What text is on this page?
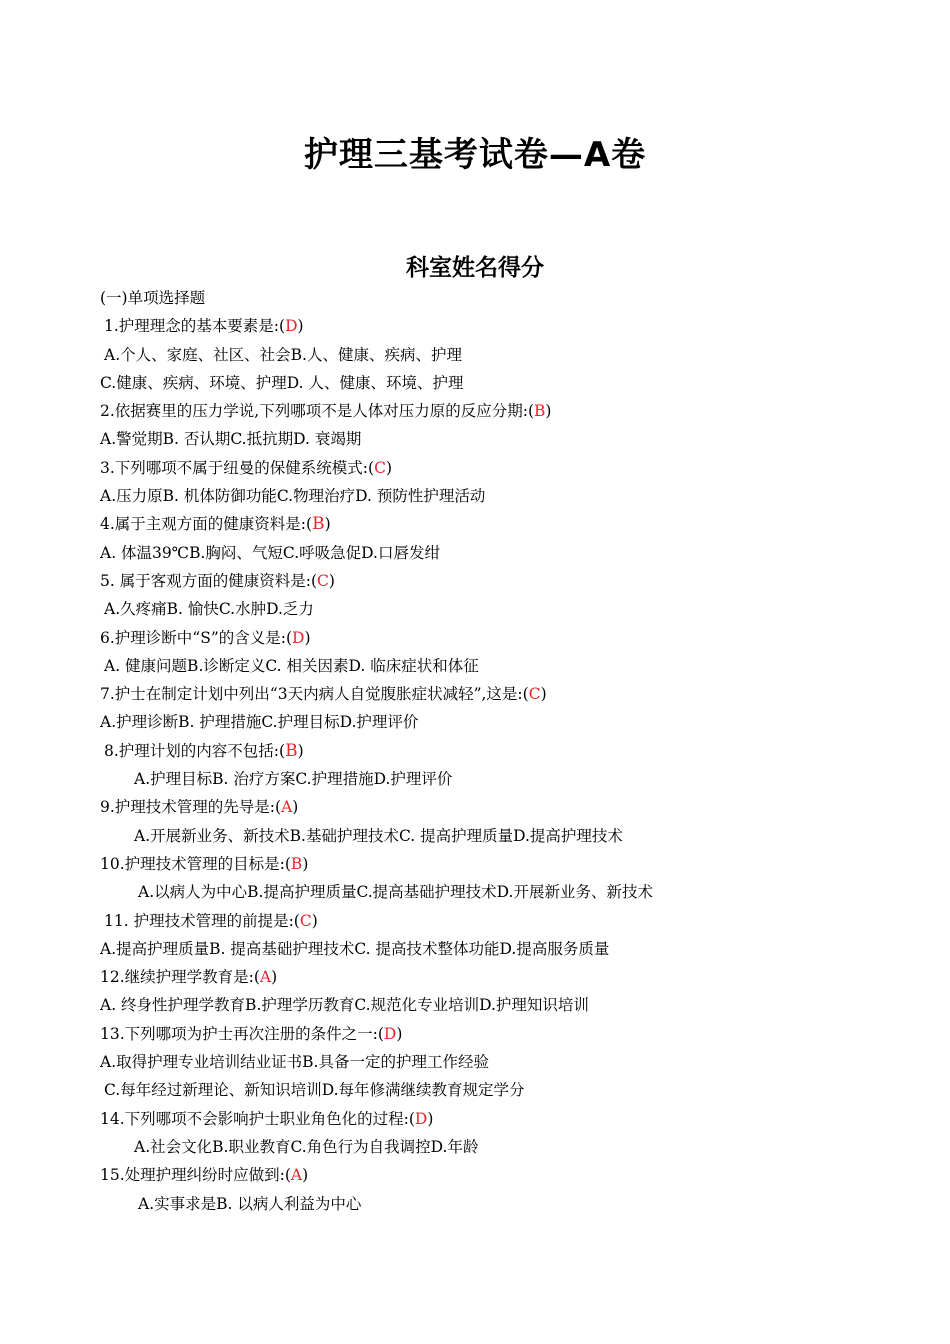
护理三基考试卷—A卷
科室姓名得分
(一)单项选择题
1.护理理念的基本要素是:(D)
A.个人、家庭、社区、社会B.人、健康、疾病、护理
C.健康、疾病、环境、护理D. 人、健康、环境、护理
2.依据赛里的压力学说,下列哪项不是人体对压力原的反应分期:(B)
A.警觉期B. 否认期C.抵抗期D. 衰竭期
3.下列哪项不属于纽曼的保健系统模式:(C)
A.压力原B. 机体防御功能C.物理治疗D. 预防性护理活动
4.属于主观方面的健康资料是:(B)
A. 体温39℃B.胸闷、气短C.呼吸急促D.口唇发绀
5. 属于客观方面的健康资料是:(C)
A.久疼痛B. 愉快C.水肿D.乏力
6.护理诊断中“S”的含义是:(D)
A. 健康问题B.诊断定义C. 相关因素D. 临床症状和体征
7.护士在制定计划中列出“3天内病人自觉腹胀症状减轻”,这是:(C)
A.护理诊断B. 护理措施C.护理目标D.护理评价
8.护理计划的内容不包括:(B)
A.护理目标B. 治疗方案C.护理措施D.护理评价
9.护理技术管理的先导是:(A)
A.开展新业务、新技术B.基础护理技术C. 提高护理质量D.提高护理技术
10.护理技术管理的目标是:(B)
A.以病人为中心B.提高护理质量C.提高基础护理技术D.开展新业务、新技术
11. 护理技术管理的前提是:(C)
A.提高护理质量B. 提高基础护理技术C. 提高技术整体功能D.提高服务质量
12.继续护理学教育是:(A)
A. 终身性护理学教育B.护理学历教育C.规范化专业培训D.护理知识培训
13.下列哪项为护士再次注册的条件之一:(D)
A.取得护理专业培训结业证书B.具备一定的护理工作经验
C.每年经过新理论、新知识培训D.每年修满继续教育规定学分
14.下列哪项不会影响护士职业角色化的过程:(D)
A.社会文化B.职业教育C.角色行为自我调控D.年龄
15.处理护理纠纷时应做到:(A)
A.实事求是B. 以病人利益为中心
